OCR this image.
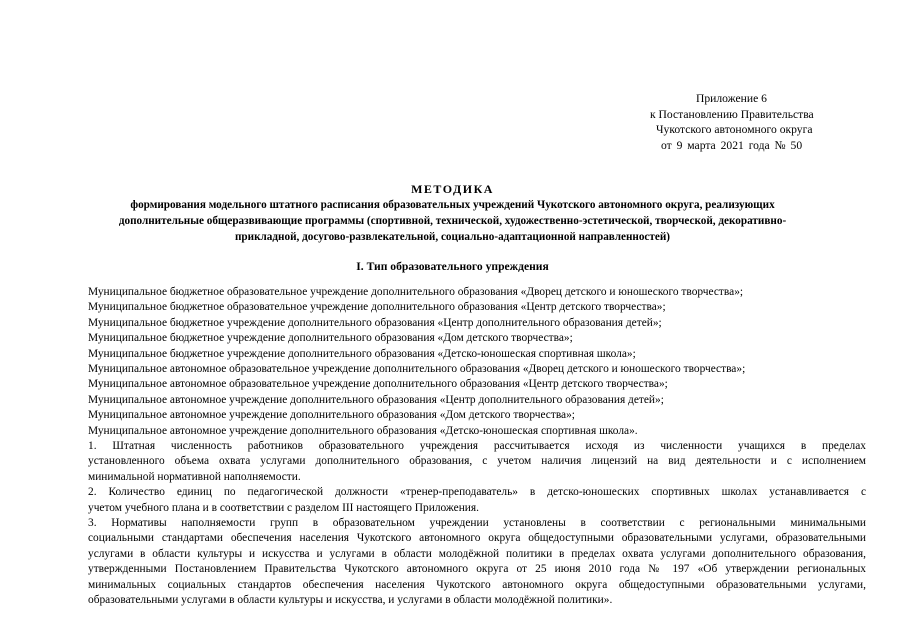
Приложение 6
к Постановлению Правительства
Чукотского автономного округа
от 9 марта 2021 года № 50
МЕТОДИКА
формирования модельного штатного расписания образовательных учреждений Чукотского автономного округа, реализующих
дополнительные общеразвивающие программы (спортивной, технической, художественно-эстетической, творческой, декоративно-
прикладной, досугово-развлекательной, социально-адаптационной направленностей)
I. Тип образовательного упреждения
Муниципальное бюджетное образовательное учреждение дополнительного образования «Дворец детского и юношеского творчества»;
Муниципальное бюджетное образовательное учреждение дополнительного образования «Центр детского творчества»;
Муниципальное бюджетное учреждение дополнительного образования «Центр дополнительного образования детей»;
Муниципальное бюджетное учреждение дополнительного образования «Дом детского творчества»;
Муниципальное бюджетное учреждение дополнительного образования «Детско-юношеская спортивная школа»;
Муниципальное автономное образовательное учреждение дополнительного образования «Дворец детского и юношеского творчества»;
Муниципальное автономное образовательное учреждение дополнительного образования «Центр детского творчества»;
Муниципальное автономное учреждение дополнительного образования «Центр дополнительного образования детей»;
Муниципальное автономное учреждение дополнительного образования «Дом детского творчества»;
Муниципальное автономное учреждение дополнительного образования «Детско-юношеская спортивная школа».
1. Штатная численность работников образовательного учреждения рассчитывается исходя из численности учащихся в пределах
установленного объема охвата услугами дополнительного образования, с учетом наличия лицензий на вид деятельности и с исполнением
минимальной нормативной наполняемости.
2. Количество единиц по педагогической должности «тренер-преподаватель» в детско-юношеских спортивных школах устанавливается с
учетом учебного плана и в соответствии с разделом III настоящего Приложения.
3. Нормативы наполняемости групп в образовательном учреждении установлены в соответствии с региональными минимальными
социальными стандартами обеспечения населения Чукотского автономного округа общедоступными образовательными услугами, образовательными
услугами в области культуры и искусства и услугами в области молодёжной политики в пределах охвата услугами дополнительного образования,
утвержденными Постановлением Правительства Чукотского автономного округа от 25 июня 2010 года № 197 «Об утверждении региональных
минимальных социальных стандартов обеспечения населения Чукотского автономного округа общедоступными образовательными услугами,
образовательными услугами в области культуры и искусства, и услугами в области молодёжной политики».
